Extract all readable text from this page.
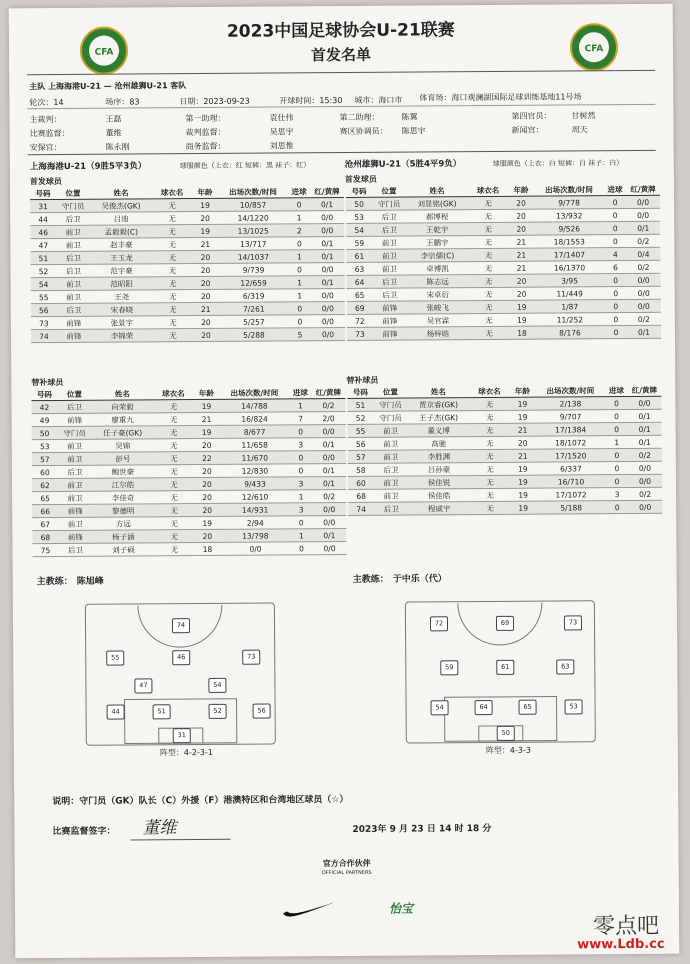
CFA	CFA
2023中国足球协会U-21联赛
首发名单
主队 上海海港U-21 — 沧州雄狮U-21 客队
体育场：海口观澜湖国际足球训练基地11号场
轮次：14	场序：83	日期：2023-09-23	开球时间：15:30 城市：海口市
主裁判：	王磊	第一助理：	袁仕伟	第二助理：	陈翼	第四官员： 甘树然
比赛监督：	董维	裁判监督：	吴思宇	赛区协调员： 陈思宇	新闻官：	周天
安保官：	陈永刚	商务监督：	刘思惟
上海海港U-21（9胜5平3负）	球服颜色（上衣：红 短裤：黑 袜子：红）	沧州雄狮U-21（5胜4平9负）	球服颜色（上衣：白 短裤：白 袜子：白）
首发球员	首发球员
号码	位置	姓名	球衣名	年龄	出场次数/时间	进球	红/黄牌
31	守门员	吴俊杰(GK)	无	19	10/857	0	0/1
44	后卫	吕迪	无	20	14/1220	1	0/0
46	前卫	孟毅毅(C)	无	19	13/1025	2	0/0
47	前卫	赵丰豪	无	21	13/717	0	0/1
51	后卫	王玉龙	无	20	14/1037	1	0/1
52	后卫	范宇豪	无	20	9/739	0	0/0
54	前卫	范昭阳	无	20	12/659	1	0/1
55	前卫	王尧	无	20	6/319	1	0/0
56	后卫	宋春晓	无	21	7/261	0	0/0
73	前锋	张景宇	无	20	5/257	0	0/0
74	前锋	李锦荣	无	20	5/288	5	0/0
号码	位置	姓名	球衣名	年龄	出场次数/时间	进球	红/黄牌
50	守门员	刘显铭(GK)	无	20	9/778	0	0/0
53	后卫	郝博程	无	20	13/932	0	0/0
54	后卫	王乾宇	无	20	9/526	0	0/1
59	前卫	王鹏宇	无	21	18/1553	0	0/2
61	前卫	李宗儒(C)	无	21	17/1407	4	0/4
63	前卫	卓博凯	无	21	16/1370	6	0/2
64	后卫	陈志远	无	20	3/95	0	0/0
65	后卫	宋卓衍	无	20	11/449	0	0/0
69	前锋	张峻飞	无	19	1/87	0	0/0
72	前锋	吴官霖	无	19	11/252	0	0/2
73	前锋	杨梓晗	无	18	8/176	0	0/1
替补球员	替补球员
号码	位置	姓名	球衣名	年龄	出场次数/时间	进球	红/黄牌
42	后卫	向荣毅	无	19	14/788	1	0/2
49	前锋	廖重九	无	21	16/824	7	2/0
50	守门员	任子豪(GK)	无	19	8/677	0	0/0
53	前卫	吴锦	无	20	11/658	3	0/1
57	前卫	彭号	无	22	11/670	0	0/0
60	后卫	鲍世豪	无	20	12/830	0	0/1
62	前卫	江尔皓	无	20	9/433	3	0/1
65	前卫	李佳奇	无	20	12/610	1	0/2
66	前锋	黎德明	无	20	14/931	3	0/0
67	前卫	方远	无	19	2/94	0	0/0
68	前锋	杨子涵	无	20	13/798	1	0/1
75	后卫	刘子硕	无	18	0/0	0	0/0
号码	位置	姓名	球衣名	年龄	出场次数/时间	进球	红/黄牌
51	守门员	贾京睿(GK)	无	19	2/138	0	0/0
52	守门员	王子杰(GK)	无	19	9/707	0	0/1
55	前卫	董义博	无	21	17/1384	0	0/1
56	前卫	高驰	无	20	18/1072	1	0/1
57	前卫	李胜渊	无	21	17/1520	0	0/2
58	后卫	吕孙豪	无	19	6/337	0	0/0
60	前卫	侯佳锐	无	19	16/710	0	0/0
68	前卫	侯佳皓	无	19	17/1072	3	0/2
74	后卫	程威宇	无	19	5/188	0	0/0
主教练： 陈旭峰	主教练： 于中乐（代）
74
55	46	73
47	54
44	51	52	56
31
阵型：4-2-3-1
72	69	73
59	61	63
54	64	65	53
50
阵型：4-3-3
说明：守门员（GK）队长（C）外援（F）港澳特区和台湾地区球员（☆）
比赛监督签字： 董维	2023年 9 月 23 日 14 时 18 分
官方合作伙伴
OFFICIAL PARTNERS
怡宝
零点吧
www.Ldb.cc
